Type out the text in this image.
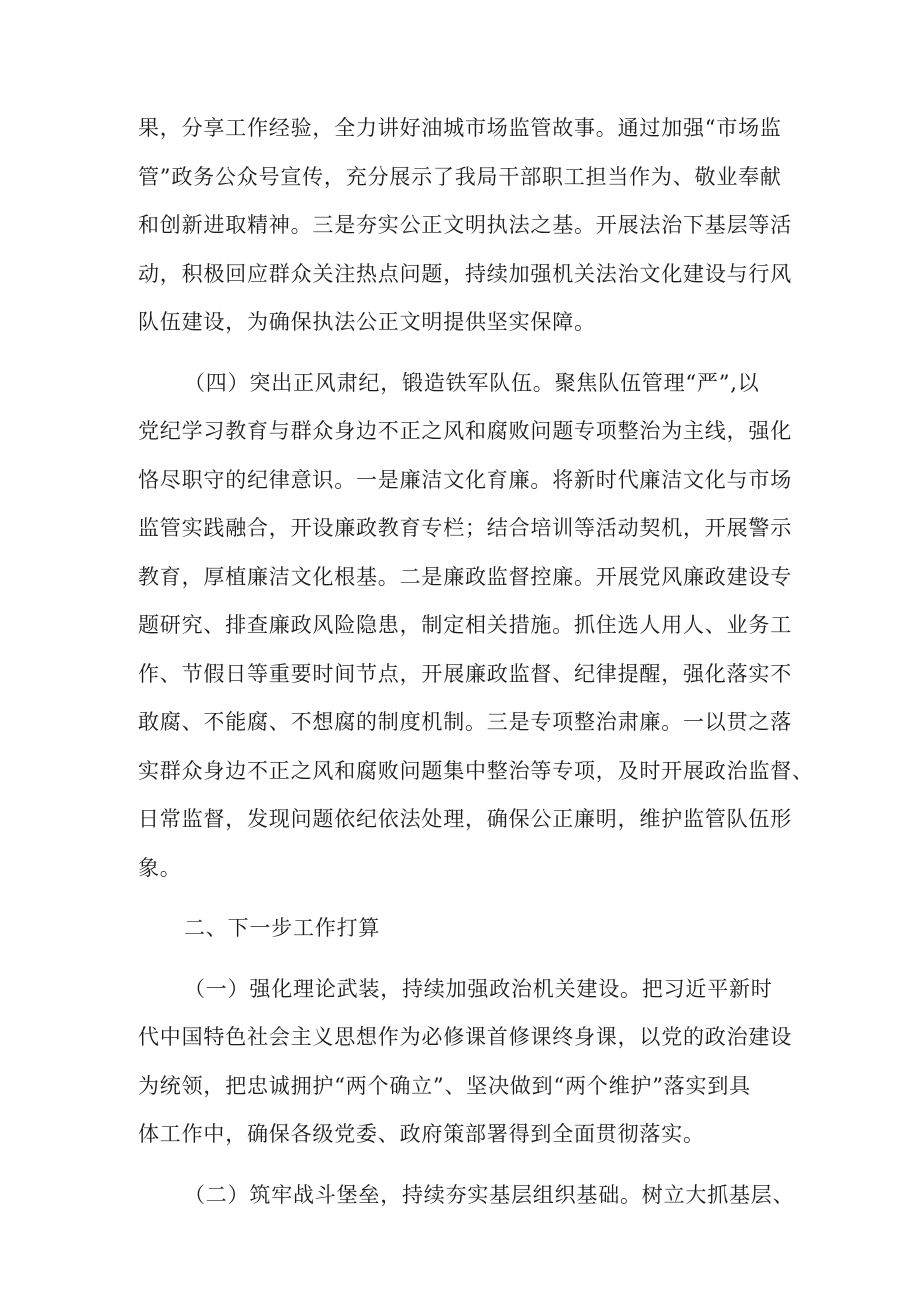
果，分享工作经验，全力讲好油城市场监管故事。通过加强“市场监
管”政务公众号宣传，充分展示了我局干部职工担当作为、敬业奉献
和创新进取精神。三是夯实公正文明执法之基。开展法治下基层等活
动，积极回应群众关注热点问题，持续加强机关法治文化建设与行风
队伍建设，为确保执法公正文明提供坚实保障。
（四）突出正风肃纪，锻造铁军队伍。聚焦队伍管理“严”,以
党纪学习教育与群众身边不正之风和腐败问题专项整治为主线，强化
恪尽职守的纪律意识。一是廉洁文化育廉。将新时代廉洁文化与市场
监管实践融合，开设廉政教育专栏；结合培训等活动契机，开展警示
教育，厚植廉洁文化根基。二是廉政监督控廉。开展党风廉政建设专
题研究、排查廉政风险隐患，制定相关措施。抓住选人用人、业务工
作、节假日等重要时间节点，开展廉政监督、纪律提醒，强化落实不
敢腐、不能腐、不想腐的制度机制。三是专项整治肃廉。一以贯之落
实群众身边不正之风和腐败问题集中整治等专项，及时开展政治监督、
日常监督，发现问题依纪依法处理，确保公正廉明，维护监管队伍形
象。
二、下一步工作打算
（一）强化理论武装，持续加强政治机关建设。把习近平新时
代中国特色社会主义思想作为必修课首修课终身课，以党的政治建设
为统领，把忠诚拥护“两个确立”、坚决做到“两个维护”落实到具
体工作中，确保各级党委、政府策部署得到全面贯彻落实。
（二）筑牢战斗堡垒，持续夯实基层组织基础。树立大抓基层、
